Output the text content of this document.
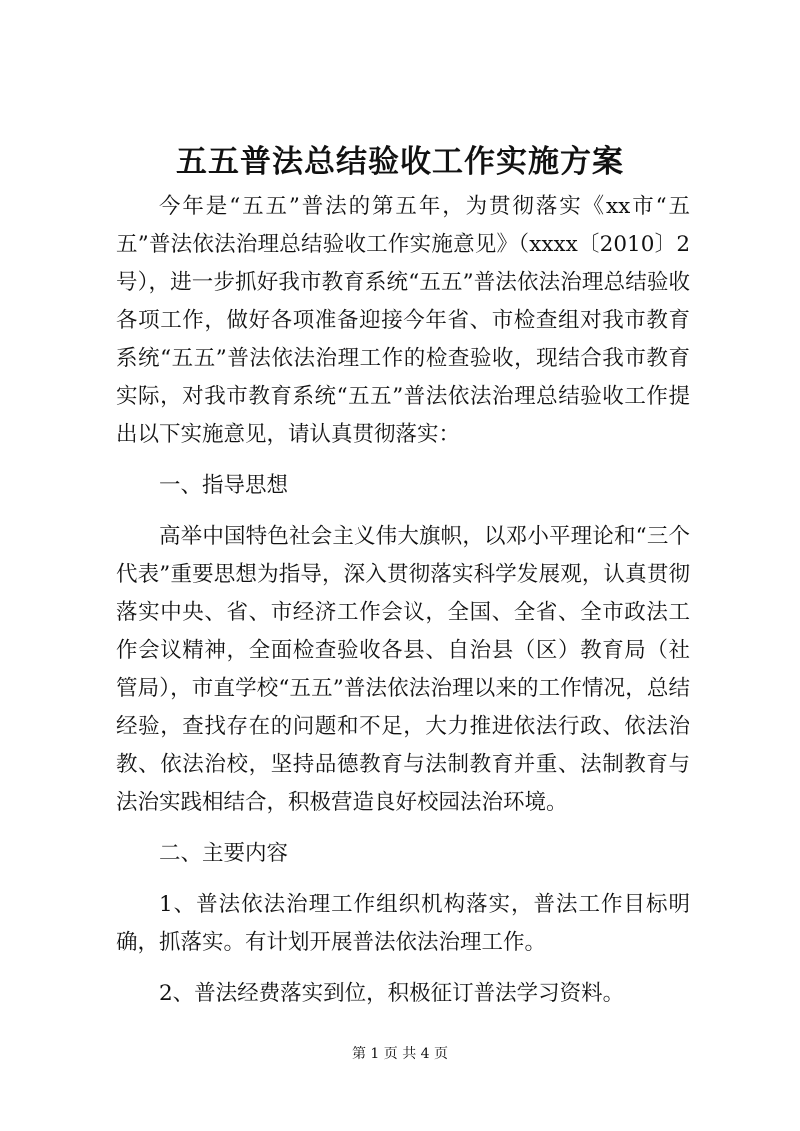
五五普法总结验收工作实施方案

今年是“五五”普法的第五年，为贯彻落实《xx市“五五”普法依法治理总结验收工作实施意见》（xxxx〔2010〕2号），进一步抓好我市教育系统“五五”普法依法治理总结验收各项工作，做好各项准备迎接今年省、市检查组对我市教育系统“五五”普法依法治理工作的检查验收，现结合我市教育实际，对我市教育系统“五五”普法依法治理总结验收工作提出以下实施意见，请认真贯彻落实：

一、指导思想

高举中国特色社会主义伟大旗帜，以邓小平理论和“三个代表”重要思想为指导，深入贯彻落实科学发展观，认真贯彻落实中央、省、市经济工作会议，全国、全省、全市政法工作会议精神，全面检查验收各县、自治县（区）教育局（社管局），市直学校“五五”普法依法治理以来的工作情况，总结经验，查找存在的问题和不足，大力推进依法行政、依法治教、依法治校，坚持品德教育与法制教育并重、法制教育与法治实践相结合，积极营造良好校园法治环境。

二、主要内容

1、普法依法治理工作组织机构落实，普法工作目标明确，抓落实。有计划开展普法依法治理工作。

2、普法经费落实到位，积极征订普法学习资料。

第 1 页 共 4 页
